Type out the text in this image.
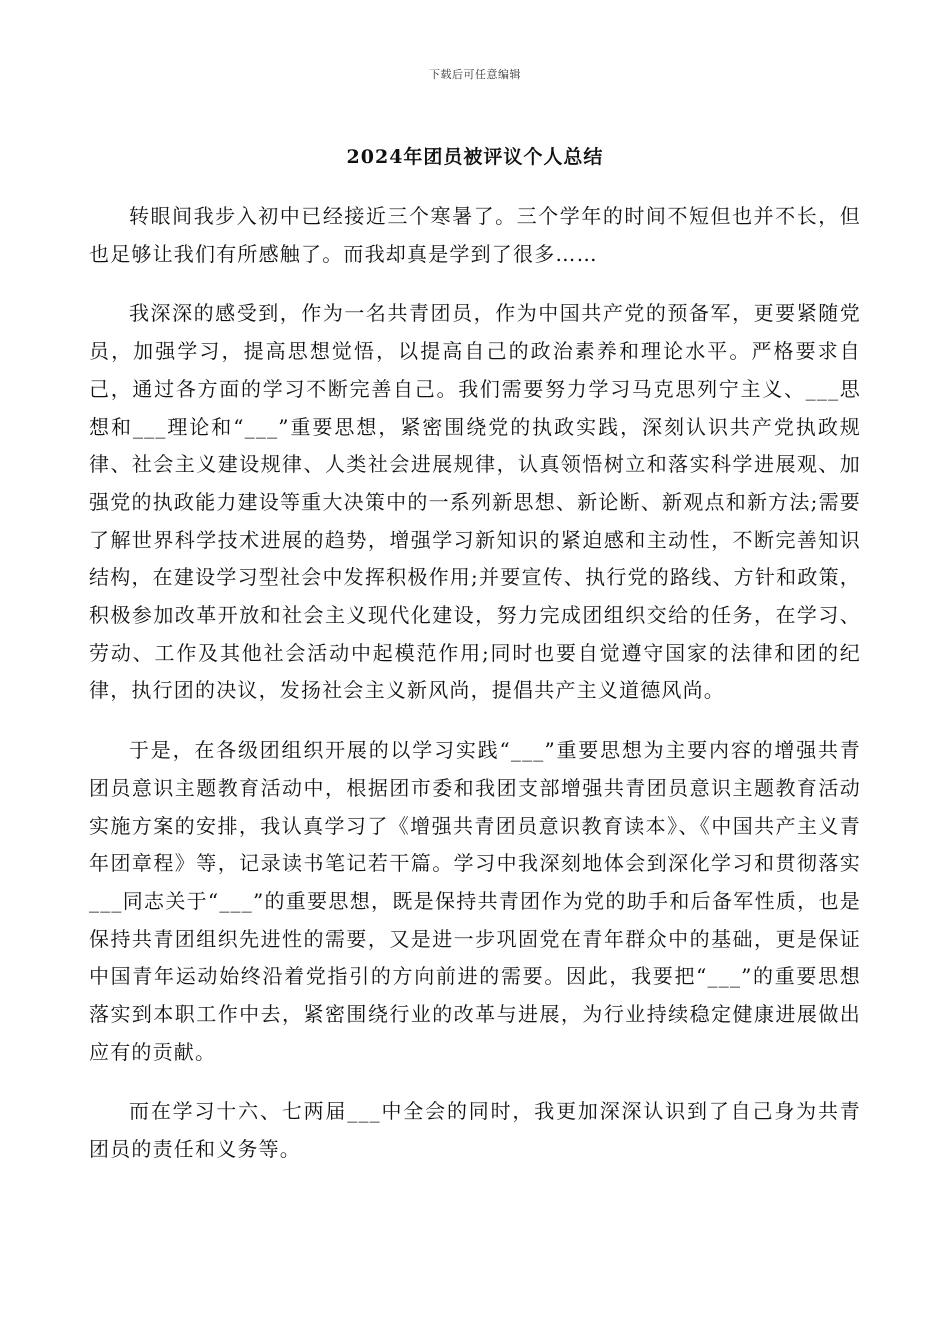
下载后可任意编辑
2024年团员被评议个人总结

转眼间我步入初中已经接近三个寒暑了。三个学年的时间不短但也并不长，但也足够让我们有所感触了。而我却真是学到了很多……

我深深的感受到，作为一名共青团员，作为中国共产党的预备军，更要紧随党员，加强学习，提高思想觉悟，以提高自己的政治素养和理论水平。严格要求自己，通过各方面的学习不断完善自己。我们需要努力学习马克思列宁主义、___思想和___理论和“___”重要思想，紧密围绕党的执政实践，深刻认识共产党执政规律、社会主义建设规律、人类社会进展规律，认真领悟树立和落实科学进展观、加强党的执政能力建设等重大决策中的一系列新思想、新论断、新观点和新方法;需要了解世界科学技术进展的趋势，增强学习新知识的紧迫感和主动性，不断完善知识结构，在建设学习型社会中发挥积极作用;并要宣传、执行党的路线、方针和政策，积极参加改革开放和社会主义现代化建设，努力完成团组织交给的任务，在学习、劳动、工作及其他社会活动中起模范作用;同时也要自觉遵守国家的法律和团的纪律，执行团的决议，发扬社会主义新风尚，提倡共产主义道德风尚。

于是，在各级团组织开展的以学习实践“___”重要思想为主要内容的增强共青团员意识主题教育活动中，根据团市委和我团支部增强共青团员意识主题教育活动实施方案的安排，我认真学习了《增强共青团员意识教育读本》、《中国共产主义青年团章程》等，记录读书笔记若干篇。学习中我深刻地体会到深化学习和贯彻落实___同志关于“___”的重要思想，既是保持共青团作为党的助手和后备军性质，也是保持共青团组织先进性的需要，又是进一步巩固党在青年群众中的基础，更是保证中国青年运动始终沿着党指引的方向前进的需要。因此，我要把“___”的重要思想落实到本职工作中去，紧密围绕行业的改革与进展，为行业持续稳定健康进展做出应有的贡献。

而在学习十六、七两届___中全会的同时，我更加深深认识到了自己身为共青团员的责任和义务等。
